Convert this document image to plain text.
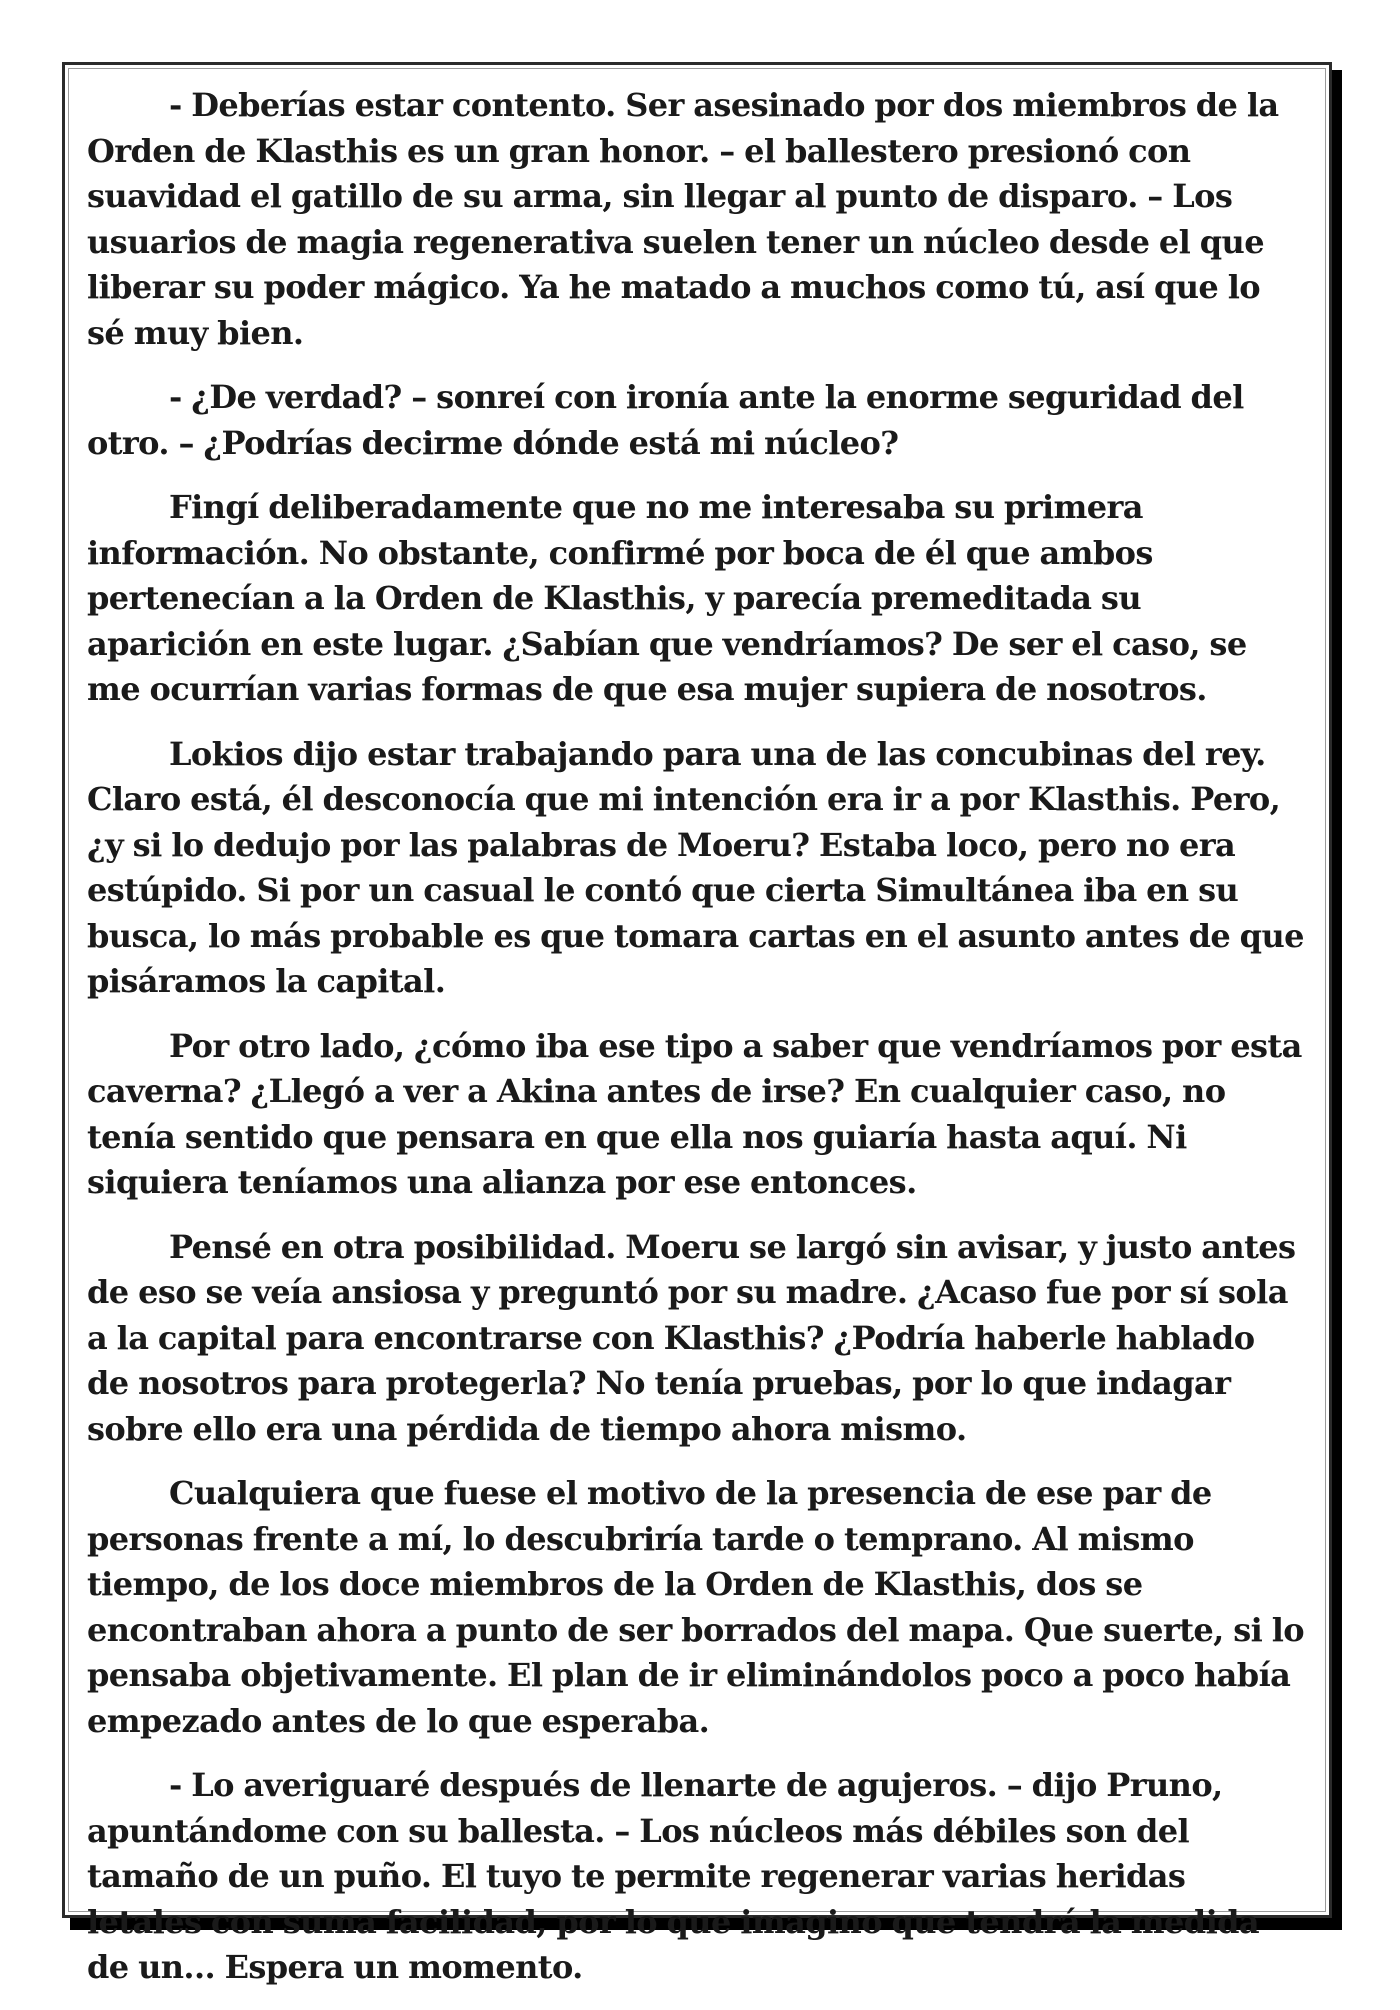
- Deberías estar contento. Ser asesinado por dos miembros de la Orden de Klasthis es un gran honor. – el ballestero presionó con suavidad el gatillo de su arma, sin llegar al punto de disparo. – Los usuarios de magia regenerativa suelen tener un núcleo desde el que liberar su poder mágico. Ya he matado a muchos como tú, así que lo sé muy bien.

- ¿De verdad? – sonreí con ironía ante la enorme seguridad del otro. – ¿Podrías decirme dónde está mi núcleo?

Fingí deliberadamente que no me interesaba su primera información. No obstante, confirmé por boca de él que ambos pertenecían a la Orden de Klasthis, y parecía premeditada su aparición en este lugar. ¿Sabían que vendríamos? De ser el caso, se me ocurrían varias formas de que esa mujer supiera de nosotros.

Lokios dijo estar trabajando para una de las concubinas del rey. Claro está, él desconocía que mi intención era ir a por Klasthis. Pero, ¿y si lo dedujo por las palabras de Moeru? Estaba loco, pero no era estúpido. Si por un casual le contó que cierta Simultánea iba en su busca, lo más probable es que tomara cartas en el asunto antes de que pisáramos la capital.

Por otro lado, ¿cómo iba ese tipo a saber que vendríamos por esta caverna? ¿Llegó a ver a Akina antes de irse? En cualquier caso, no tenía sentido que pensara en que ella nos guiaría hasta aquí. Ni siquiera teníamos una alianza por ese entonces.

Pensé en otra posibilidad. Moeru se largó sin avisar, y justo antes de eso se veía ansiosa y preguntó por su madre. ¿Acaso fue por sí sola a la capital para encontrarse con Klasthis? ¿Podría haberle hablado de nosotros para protegerla? No tenía pruebas, por lo que indagar sobre ello era una pérdida de tiempo ahora mismo.

Cualquiera que fuese el motivo de la presencia de ese par de personas frente a mí, lo descubriría tarde o temprano. Al mismo tiempo, de los doce miembros de la Orden de Klasthis, dos se encontraban ahora a punto de ser borrados del mapa. Que suerte, si lo pensaba objetivamente. El plan de ir eliminándolos poco a poco había empezado antes de lo que esperaba.

- Lo averiguaré después de llenarte de agujeros. – dijo Pruno, apuntándome con su ballesta. – Los núcleos más débiles son del tamaño de un puño. El tuyo te permite regenerar varias heridas letales con suma facilidad, por lo que imagino que tendrá la medida de un... Espera un momento.
